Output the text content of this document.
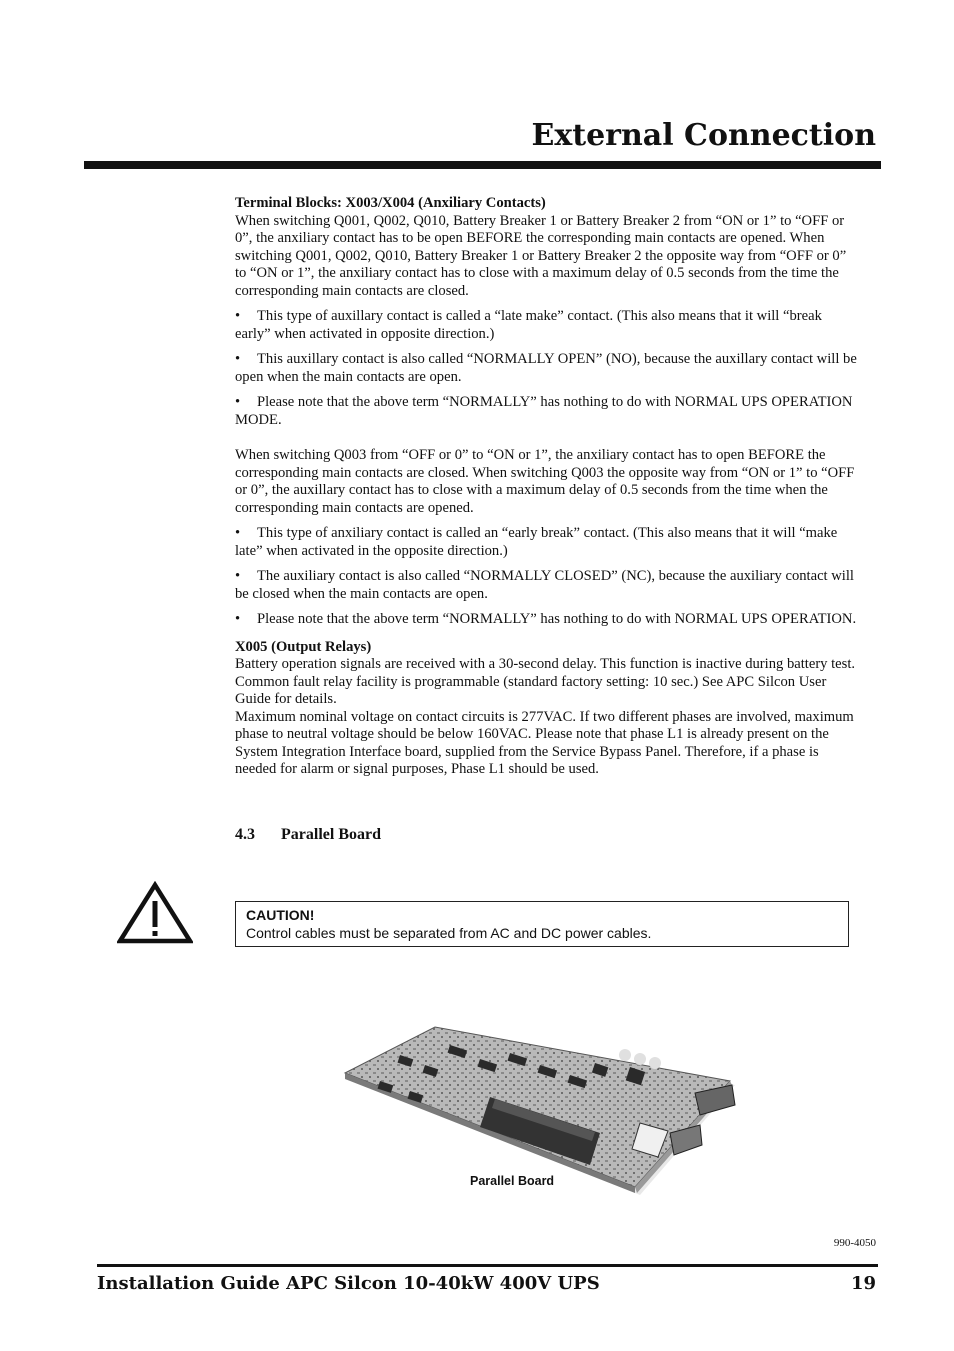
External Connection

Terminal Blocks: X003/X004 (Anxiliary Contacts)

When switching Q001, Q002, Q010, Battery Breaker 1 or Battery Breaker 2 from “ON or 1” to “OFF or 0”, the anxiliary contact has to be open BEFORE the corresponding main contacts are opened. When switching Q001, Q002, Q010, Battery Breaker 1 or Battery Breaker 2 the opposite way from “OFF or 0” to “ON or 1”, the anxiliary contact has to close with a maximum delay of 0.5 seconds from the time the corresponding main contacts are closed.

• This type of auxillary contact is called a “late make” contact. (This also means that it will “break early” when activated in opposite direction.)

• This auxillary contact is also called “NORMALLY OPEN” (NO), because the auxillary contact will be open when the main contacts are open.

• Please note that the above term “NORMALLY” has nothing to do with NORMAL UPS OPERATION MODE.

When switching Q003 from “OFF or 0” to “ON or 1”, the anxiliary contact has to open BEFORE the corresponding main contacts are closed. When switching Q003 the opposite way from “ON or 1” to “OFF or 0”, the auxillary contact has to close with a maximum delay of 0.5 seconds from the time when the corresponding main contacts are opened.

• This type of anxiliary contact is called an “early break” contact. (This also means that it will “make late” when activated in the opposite direction.)

• The auxiliary contact is also called “NORMALLY CLOSED” (NC), because the auxiliary contact will be closed when the main contacts are open.

• Please note that the above term “NORMALLY” has nothing to do with NORMAL UPS OPERATION.

X005 (Output Relays)

Battery operation signals are received with a 30-second delay. This function is inactive during battery test. Common fault relay facility is programmable (standard factory setting: 10 sec.) See APC Silcon User Guide for details.

Maximum nominal voltage on contact circuits is 277VAC. If two different phases are involved, maximum phase to neutral voltage should be below 160VAC. Please note that phase L1 is already present on the System Integration Interface board, supplied from the Service Bypass Panel. Therefore, if a phase is needed for alarm or signal purposes, Phase L1 should be used.

4.3 Parallel Board
CAUTION!
Control cables must be separated from AC and DC power cables.
Parallel Board
990-4050
Installation Guide APC Silcon 10-40kW 400V UPS	19
